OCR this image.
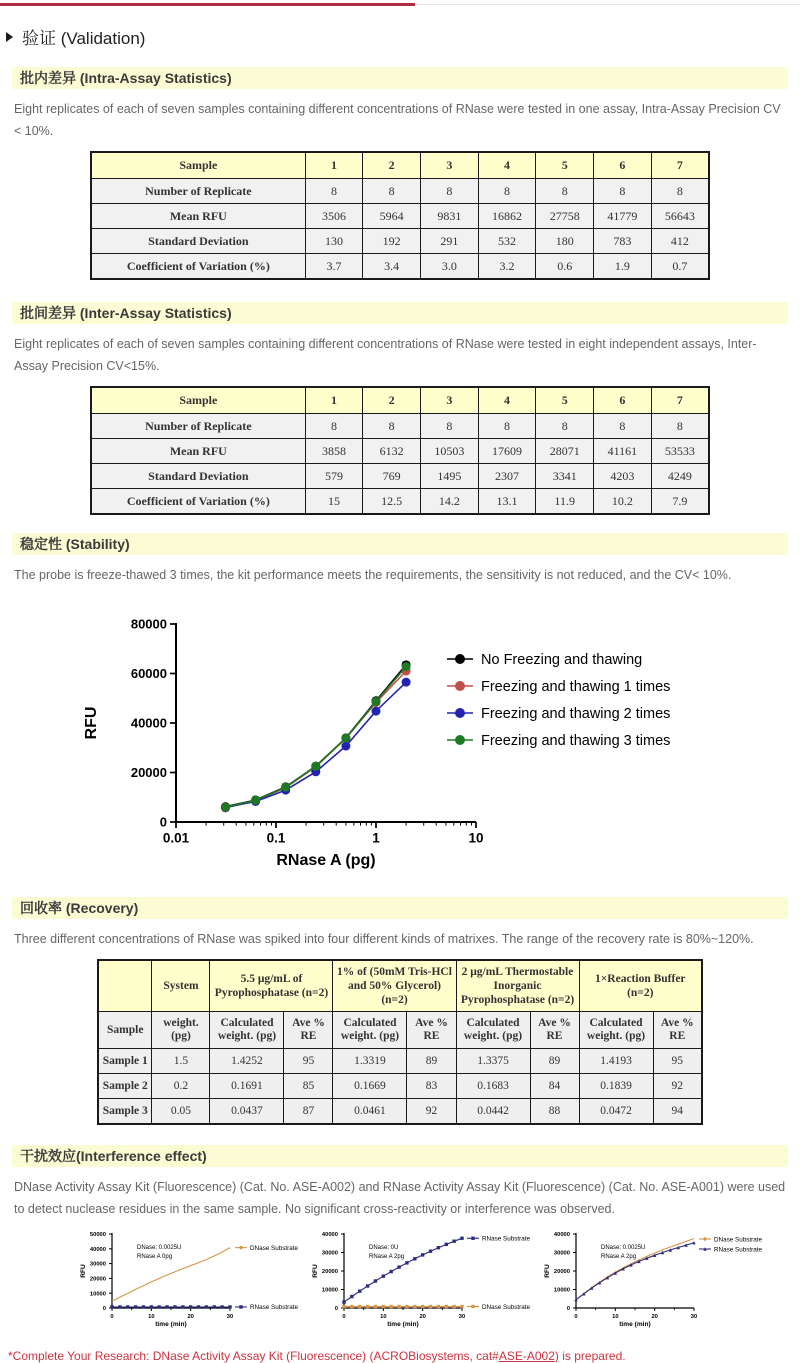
验证 (Validation)
批内差异 (Intra-Assay Statistics)

Eight replicates of each of seven samples containing different concentrations of RNase were tested in one assay, Intra-Assay Precision CV < 10%.

Sample	1	2	3	4	5	6	7
Number of Replicate	8	8	8	8	8	8	8
Mean RFU	3506	5964	9831	16862	27758	41779	56643
Standard Deviation	130	192	291	532	180	783	412
Coefficient of Variation (%)	3.7	3.4	3.0	3.2	0.6	1.9	0.7
批间差异 (Inter-Assay Statistics)

Eight replicates of each of seven samples containing different concentrations of RNase were tested in eight independent assays, Inter-Assay Precision CV<15%.

Sample	1	2	3	4	5	6	7
Number of Replicate	8	8	8	8	8	8	8
Mean RFU	3858	6132	10503	17609	28071	41161	53533
Standard Deviation	579	769	1495	2307	3341	4203	4249
Coefficient of Variation (%)	15	12.5	14.2	13.1	11.9	10.2	7.9
稳定性 (Stability)

The probe is freeze-thawed 3 times, the kit performance meets the requirements, the sensitivity is not reduced, and the CV< 10%.

0
20000
40000
60000
80000
0.01	0.1	1	10
RNase A (pg)
RFU
No Freezing and thawing
Freezing and thawing 1 times
Freezing and thawing 2 times
Freezing and thawing 3 times
回收率 (Recovery)

Three different concentrations of RNase was spiked into four different kinds of matrixes. The range of the recovery rate is 80%~120%.

	System	5.5 μg/mL of Pyrophosphatase (n=2)		1% of (50mM Tris-HCl and 50% Glycerol) (n=2)		2 μg/mL Thermostable Inorganic Pyrophosphatase (n=2)		1×Reaction Buffer (n=2)	
Sample	weight. (pg)	Calculated weight. (pg)	Ave % RE	Calculated weight. (pg)	Ave % RE	Calculated weight. (pg)	Ave % RE	Calculated weight. (pg)	Ave % RE
Sample 1	1.5	1.4252	95	1.3319	89	1.3375	89	1.4193	95
Sample 2	0.2	0.1691	85	0.1669	83	0.1683	84	0.1839	92
Sample 3	0.05	0.0437	87	0.0461	92	0.0442	88	0.0472	94
干扰效应(Interference effect)

DNase Activity Assay Kit (Fluorescence) (Cat. No. ASE-A002) and RNase Activity Assay Kit (Fluorescence) (Cat. No. ASE-A001) were used to detect nuclease residues in the same sample. No significant cross-reactivity or interference was observed.

0
10000
20000
30000
40000
50000
0	10	20	30
time (min)
RFU
DNase: 0.0025U
RNase A 0pg
DNase Substrate
RNase Substrate	0
10000
20000
30000
40000
0	10	20	30
time (min)
RFU
DNase: 0U
RNase A 2pg
RNase Substrate
DNase Substrate	0
10000
20000
30000
40000
0	10	20	30
time (min)
RFU
DNase: 0.0025U
RNase A 2pg
DNase Substrate
RNase Substrate

*Complete Your Research: DNase Activity Assay Kit (Fluorescence) (ACROBiosystems, cat#ASE-A002) is prepared.
